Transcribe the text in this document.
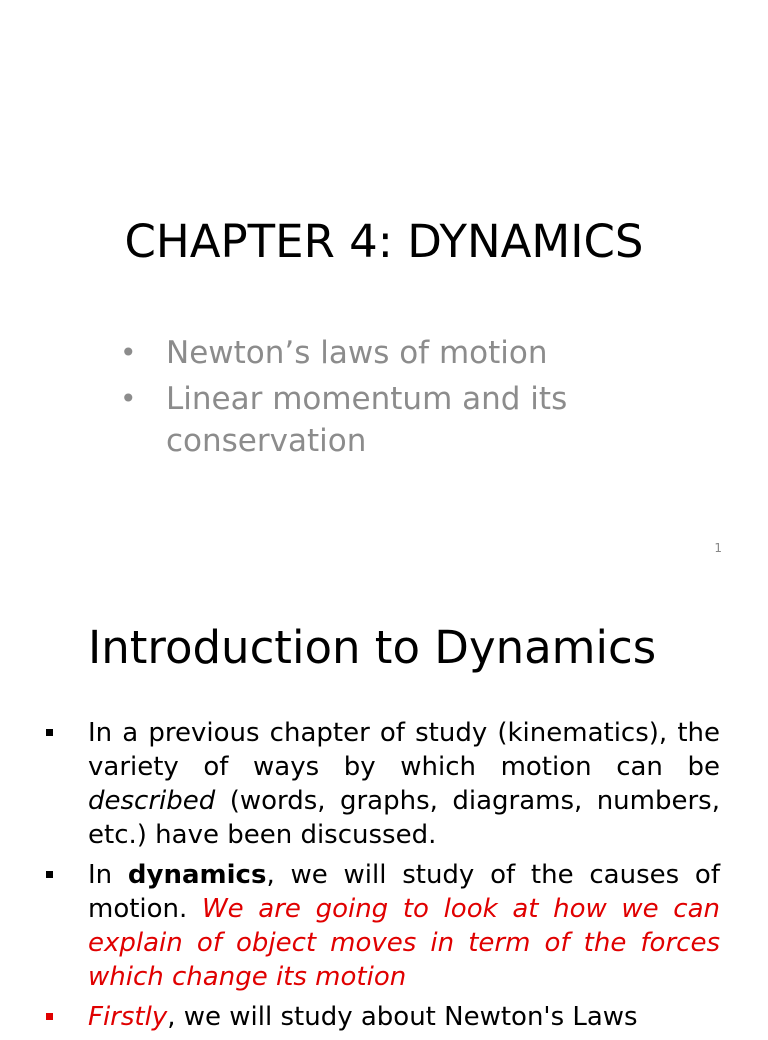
CHAPTER 4: DYNAMICS
• Newton’s laws of motion
• Linear momentum and its conservation
1
Introduction to Dynamics
In a previous chapter of study (kinematics), the variety of ways by which motion can be described (words, graphs, diagrams, numbers, etc.) have been discussed.
In dynamics, we will study of the causes of motion. We are going to look at how we can explain of object moves in term of the forces which change its motion
Firstly, we will study about Newton's Laws
